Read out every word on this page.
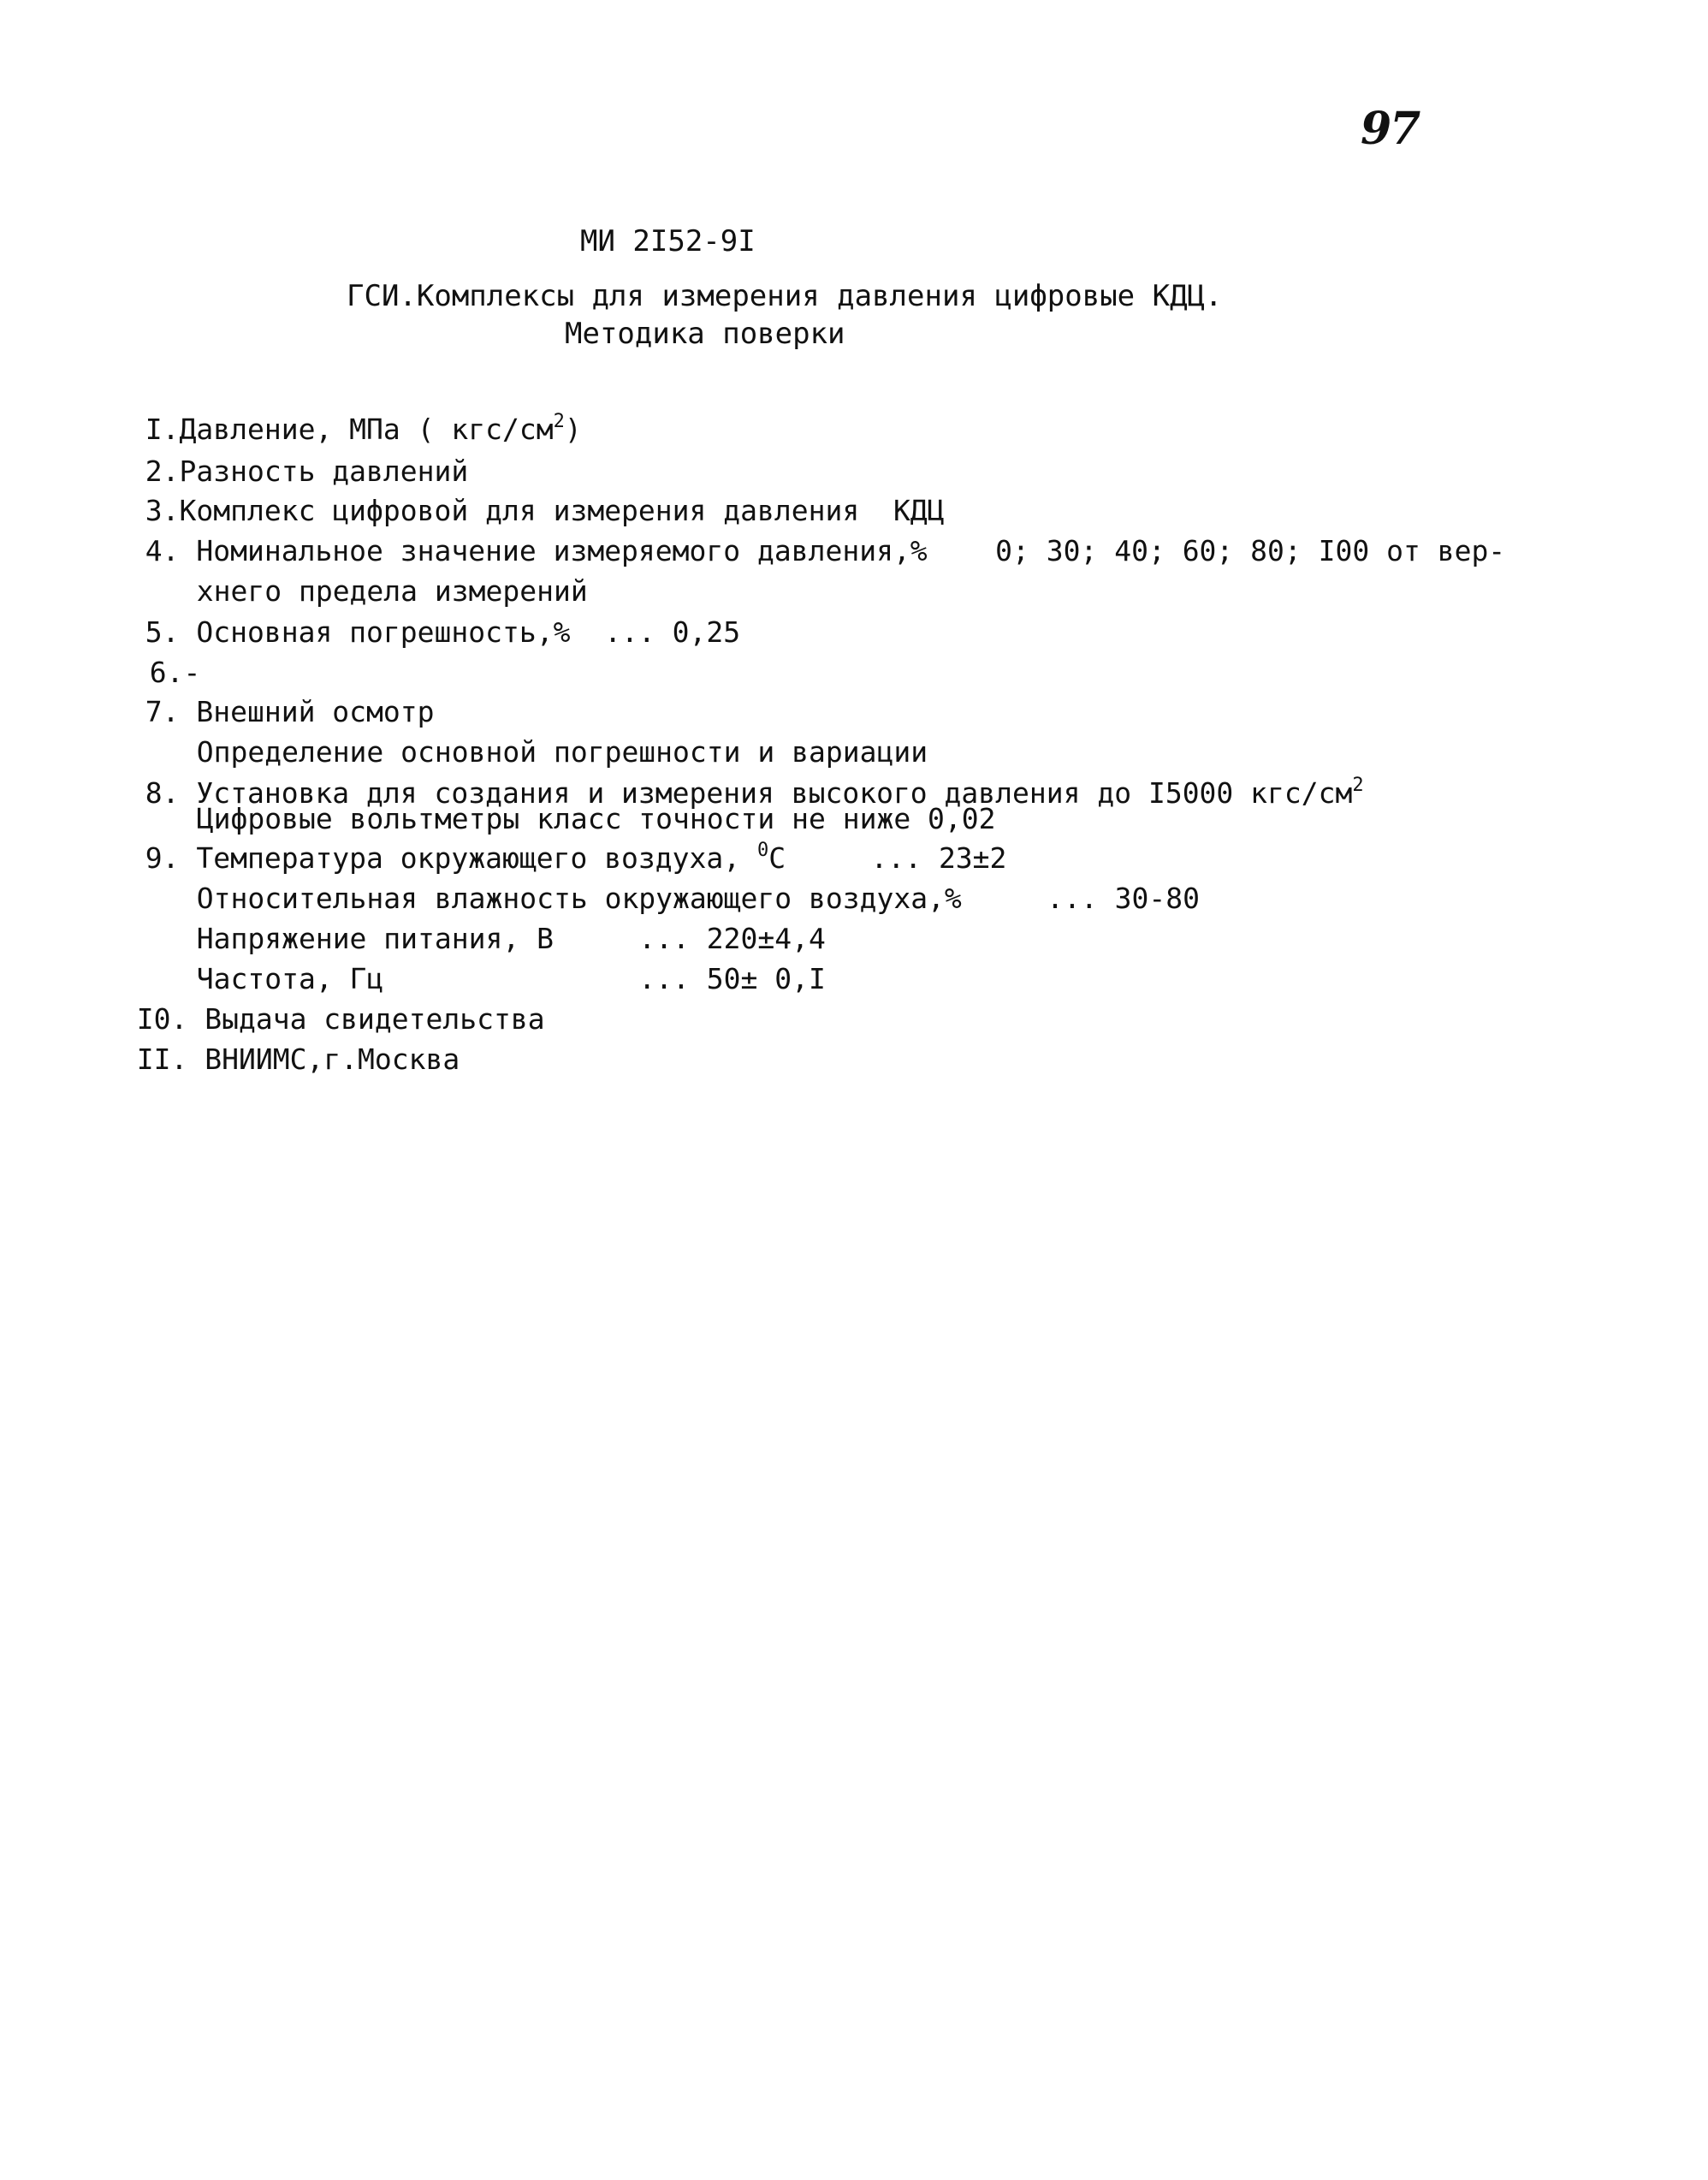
97
МИ 2I52-9I
ГСИ.Комплексы для измерения давления цифровые КДЦ.
Методика поверки

I.Давление, МПа ( кгс/$см^2$)

2.Разность давлений

3.Комплекс цифровой для измерения давления  КДЦ

4. Номинальное значение измеряемого давления,%    0; 30; 40; 60; 80; I00 от вер-

хнего предела измерений

5. Основная погрешность,%  ... 0,25

6.-

7. Внешний осмотр

Определение основной погрешности и вариации

8. Установка для создания и измерения высокого давления до I5000 кгс/$см^2$

Цифровые вольтметры класс точности не ниже 0,02

9. Температура окружающего воздуха, $^0$C     ... 23±2

Относительная влажность окружающего воздуха,%     ... 30-80

Напряжение питания, В     ... 220±4,4

Частота, Гц               ... 50± 0,I

I0. Выдача свидетельства

II. ВНИИМС,г.Москва
